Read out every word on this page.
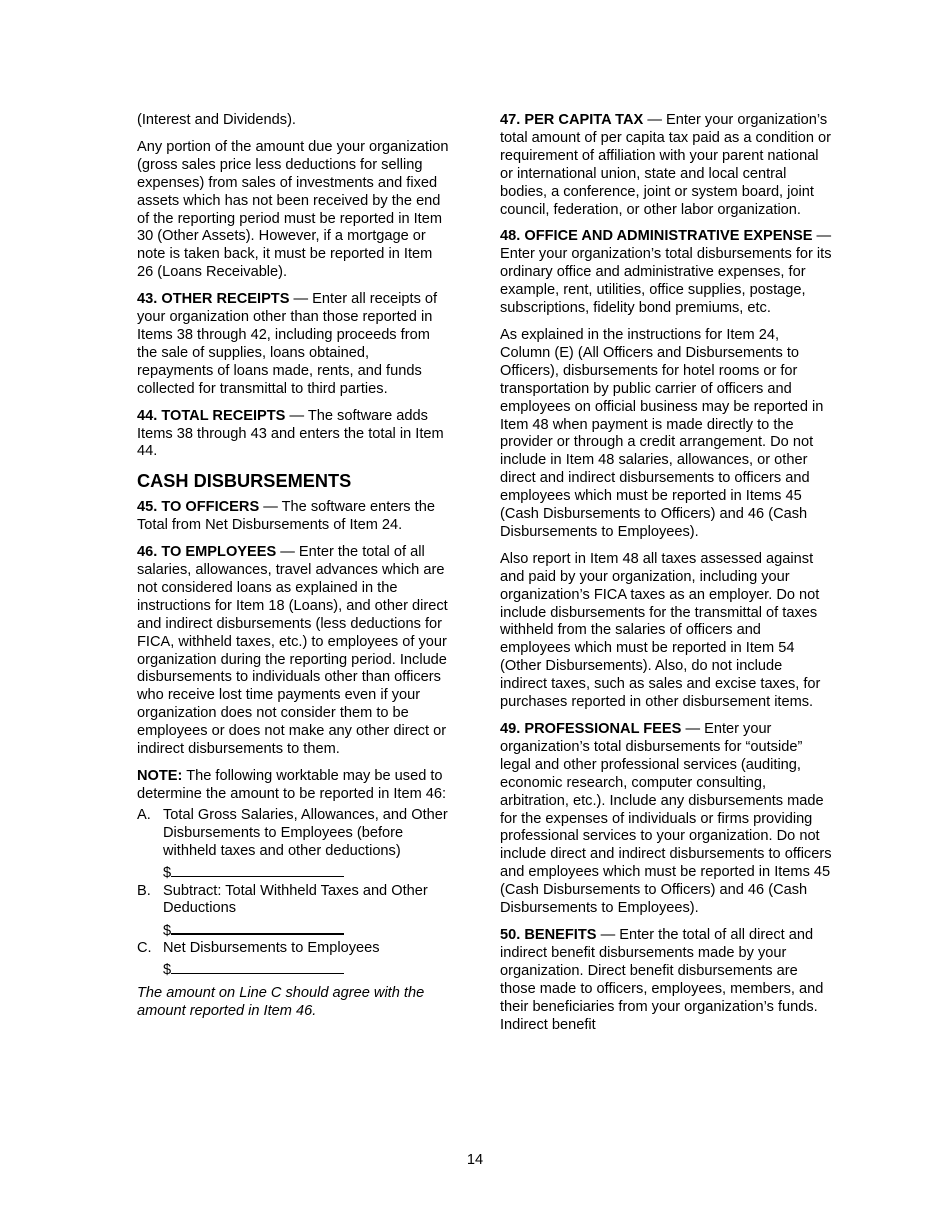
(Interest and Dividends).

Any portion of the amount due your organization (gross sales price less deductions for selling expenses) from sales of investments and fixed assets which has not been received by the end of the reporting period must be reported in Item 30 (Other Assets). However, if a mortgage or note is taken back, it must be reported in Item 26 (Loans Receivable).

43. OTHER RECEIPTS — Enter all receipts of your organization other than those reported in Items 38 through 42, including proceeds from the sale of supplies, loans obtained, repayments of loans made, rents, and funds collected for transmittal to third parties.

44. TOTAL RECEIPTS — The software adds Items 38 through 43 and enters the total in Item 44.

CASH DISBURSEMENTS

45. TO OFFICERS — The software enters the Total from Net Disbursements of Item 24.

46. TO EMPLOYEES — Enter the total of all salaries, allowances, travel advances which are not considered loans as explained in the instructions for Item 18 (Loans), and other direct and indirect disbursements (less deductions for FICA, withheld taxes, etc.) to employees of your organization during the reporting period. Include disbursements to individuals other than officers who receive lost time payments even if your organization does not consider them to be employees or does not make any other direct or indirect disbursements to them.

NOTE: The following worktable may be used to determine the amount to be reported in Item 46:

A. Total Gross Salaries, Allowances, and Other Disbursements to Employees (before withheld taxes and other deductions)
$
B. Subtract: Total Withheld Taxes and Other Deductions
$
C. Net Disbursements to Employees
$

The amount on Line C should agree with the amount reported in Item 46.

47. PER CAPITA TAX — Enter your organization’s total amount of per capita tax paid as a condition or requirement of affiliation with your parent national or international union, state and local central bodies, a conference, joint or system board, joint council, federation, or other labor organization.

48. OFFICE AND ADMINISTRATIVE EXPENSE — Enter your organization’s total disbursements for its ordinary office and administrative expenses, for example, rent, utilities, office supplies, postage, subscriptions, fidelity bond premiums, etc.

As explained in the instructions for Item 24, Column (E) (All Officers and Disbursements to Officers), disbursements for hotel rooms or for transportation by public carrier of officers and employees on official business may be reported in Item 48 when payment is made directly to the provider or through a credit arrangement. Do not include in Item 48 salaries, allowances, or other direct and indirect disbursements to officers and employees which must be reported in Items 45 (Cash Disbursements to Officers) and 46 (Cash Disbursements to Employees).

Also report in Item 48 all taxes assessed against and paid by your organization, including your organization’s FICA taxes as an employer. Do not include disbursements for the transmittal of taxes withheld from the salaries of officers and employees which must be reported in Item 54 (Other Disbursements). Also, do not include indirect taxes, such as sales and excise taxes, for purchases reported in other disbursement items.

49. PROFESSIONAL FEES — Enter your organization’s total disbursements for “outside” legal and other professional services (auditing, economic research, computer consulting, arbitration, etc.). Include any disbursements made for the expenses of individuals or firms providing professional services to your organization. Do not include direct and indirect disbursements to officers and employees which must be reported in Items 45 (Cash Disbursements to Officers) and 46 (Cash Disbursements to Employees).

50. BENEFITS — Enter the total of all direct and indirect benefit disbursements made by your organization. Direct benefit disbursements are those made to officers, employees, members, and their beneficiaries from your organization’s funds. Indirect benefit

14
